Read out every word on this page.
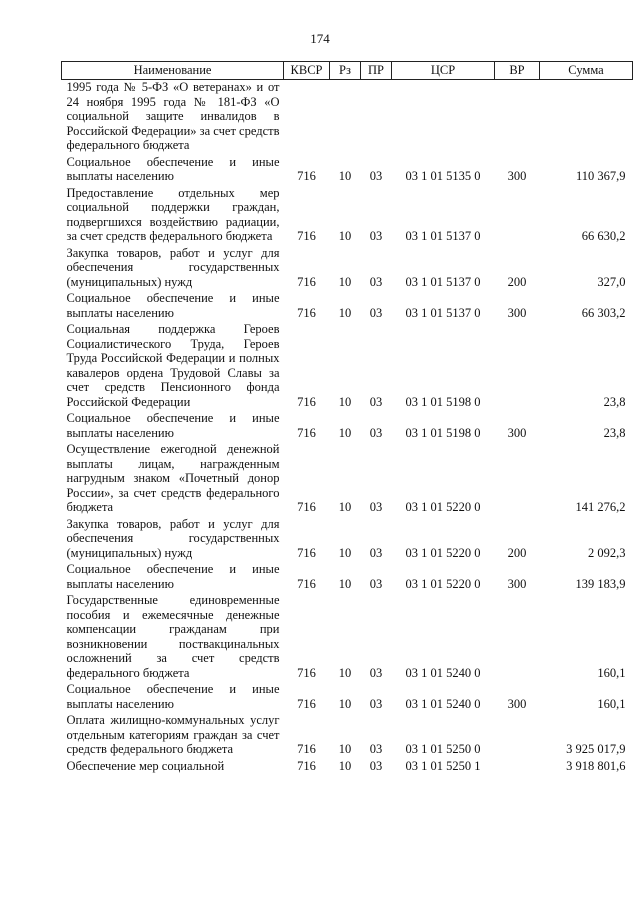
174
Наименование	КВСР	Рз	ПР	ЦСР	ВР	Сумма

1995 года № 5-ФЗ «О ветеранах» и от 24 ноября 1995 года № 181-ФЗ «О социальной защите инвалидов в Российской Федерации» за счет средств федерального бюджета						

Социальное обеспечение и иные выплаты населению	716	10	03	03 1 01 5135 0	300	110 367,9

Предоставление отдельных мер социальной поддержки граждан, подвергшихся воздействию радиации, за счет средств федерального бюджета	716	10	03	03 1 01 5137 0		66 630,2

Закупка товаров, работ и услуг для обеспечения государственных (муниципальных) нужд	716	10	03	03 1 01 5137 0	200	327,0

Социальное обеспечение и иные выплаты населению	716	10	03	03 1 01 5137 0	300	66 303,2

Социальная поддержка Героев Социалистического Труда, Героев Труда Российской Федерации и полных кавалеров ордена Трудовой Славы за счет средств Пенсионного фонда Российской Федерации	716	10	03	03 1 01 5198 0		23,8

Социальное обеспечение и иные выплаты населению	716	10	03	03 1 01 5198 0	300	23,8

Осуществление ежегодной денежной выплаты лицам, награжденным нагрудным знаком «Почетный донор России», за счет средств федерального бюджета	716	10	03	03 1 01 5220 0		141 276,2

Закупка товаров, работ и услуг для обеспечения государственных (муниципальных) нужд	716	10	03	03 1 01 5220 0	200	2 092,3

Социальное обеспечение и иные выплаты населению	716	10	03	03 1 01 5220 0	300	139 183,9

Государственные единовременные пособия и ежемесячные денежные компенсации гражданам при возникновении поствакцинальных осложнений за счет средств федерального бюджета	716	10	03	03 1 01 5240 0		160,1

Социальное обеспечение и иные выплаты населению	716	10	03	03 1 01 5240 0	300	160,1

Оплата жилищно-коммунальных услуг отдельным категориям граждан за счет средств федерального бюджета	716	10	03	03 1 01 5250 0		3 925 017,9

Обеспечение мер социальной	716	10	03	03 1 01 5250 1		3 918 801,6
